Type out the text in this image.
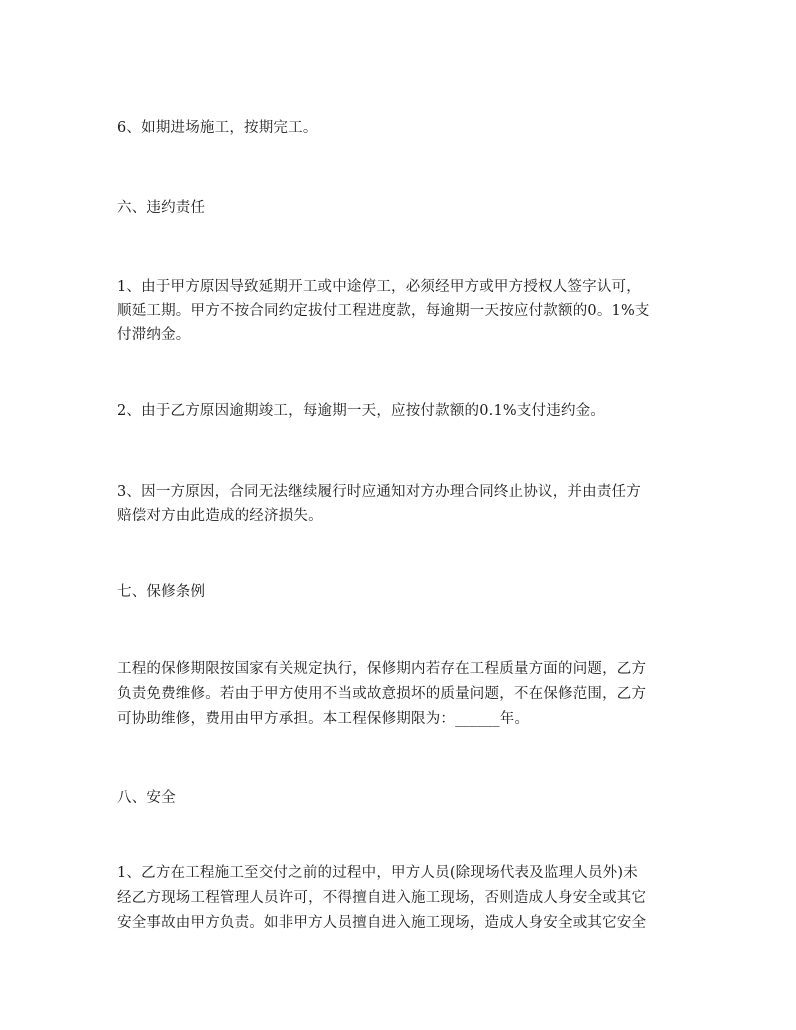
6、如期进场施工，按期完工。
六、违约责任
1、由于甲方原因导致延期开工或中途停工，必须经甲方或甲方授权人签字认可，
顺延工期。甲方不按合同约定拔付工程进度款，每逾期一天按应付款额的0。1%支
付滞纳金。
2、由于乙方原因逾期竣工，每逾期一天，应按付款额的0.1%支付违约金。
3、因一方原因，合同无法继续履行时应通知对方办理合同终止协议，并由责任方
赔偿对方由此造成的经济损失。
七、保修条例
工程的保修期限按国家有关规定执行，保修期内若存在工程质量方面的问题，乙方
负责免费维修。若由于甲方使用不当或故意损坏的质量问题，不在保修范围，乙方
可协助维修，费用由甲方承担。本工程保修期限为：______年。
八、安全
1、乙方在工程施工至交付之前的过程中，甲方人员(除现场代表及监理人员外)未
经乙方现场工程管理人员许可，不得擅自进入施工现场，否则造成人身安全或其它
安全事故由甲方负责。如非甲方人员擅自进入施工现场，造成人身安全或其它安全
